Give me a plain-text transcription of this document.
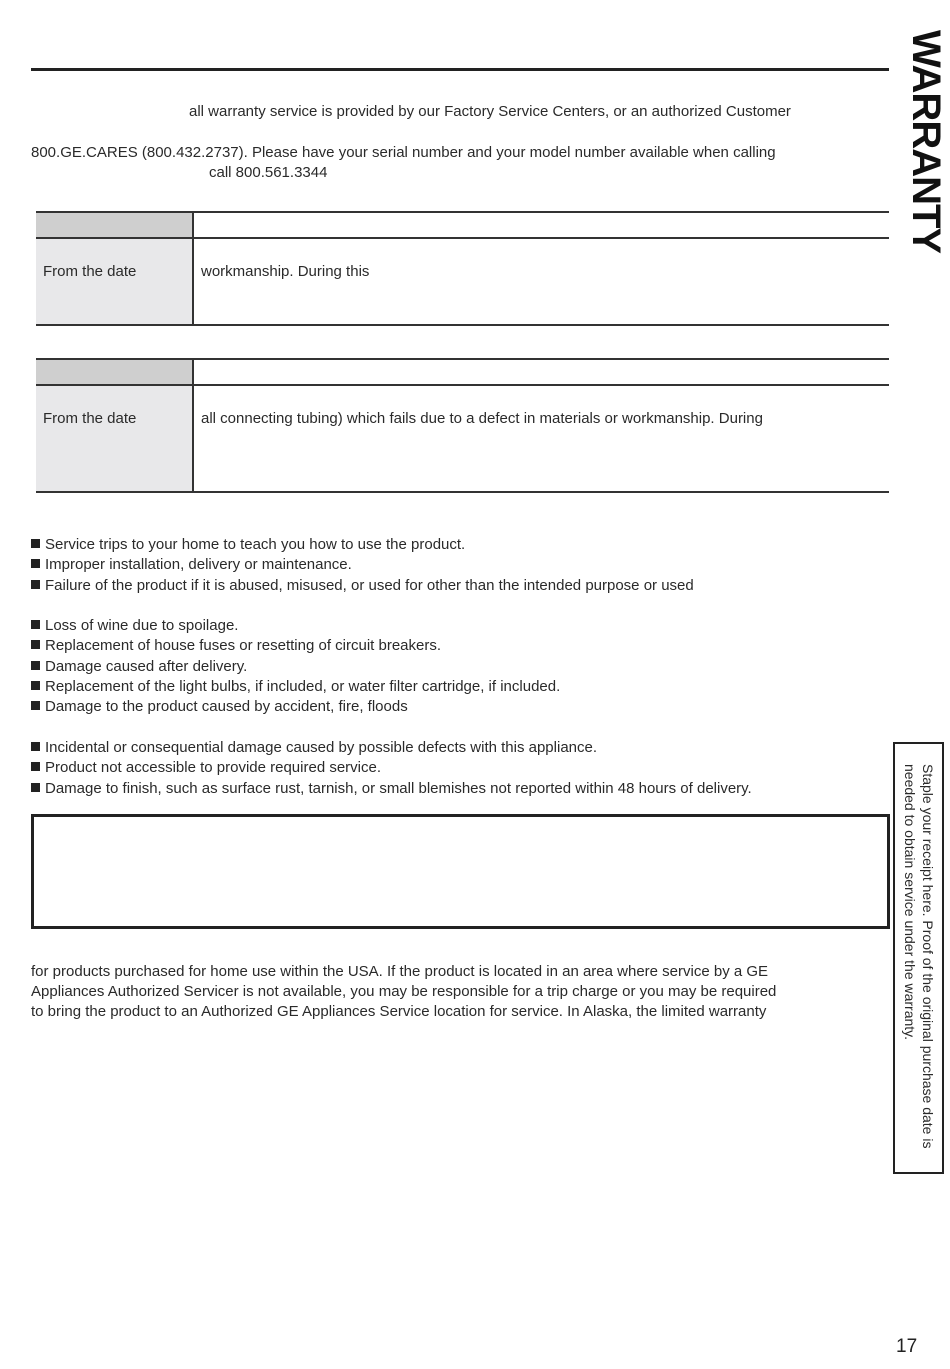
WARRANTY
all warranty service is provided by our Factory Service Centers, or an authorized Customer
800.GE.CARES (800.432.2737). Please have your serial number and your model number available when calling
call 800.561.3344
From the date	workmanship. During this
From the date	all connecting tubing) which fails due to a defect in materials or workmanship. During
Service trips to your home to teach you how to use the product.
Improper installation, delivery or maintenance.
Failure of the product if it is abused, misused, or used for other than the intended purpose or used
Loss of wine due to spoilage.
Replacement of house fuses or resetting of circuit breakers.
Damage caused after delivery.
Replacement of the light bulbs, if included, or water filter cartridge, if included.
Damage to the product caused by accident, fire, floods
Incidental or consequential damage caused by possible defects with this appliance.
Product not accessible to provide required service.
Damage to finish, such as surface rust, tarnish, or small blemishes not reported within 48 hours of delivery.
for products purchased for home use within the USA. If the product is located in an area where service by a GE
Appliances Authorized Servicer is not available, you may be responsible for a trip charge or you may be required
to bring the product to an Authorized GE Appliances Service location for service. In Alaska, the limited warranty	Staple your receipt here. Proof of the original purchase date is needed to obtain service under the warranty.
17
